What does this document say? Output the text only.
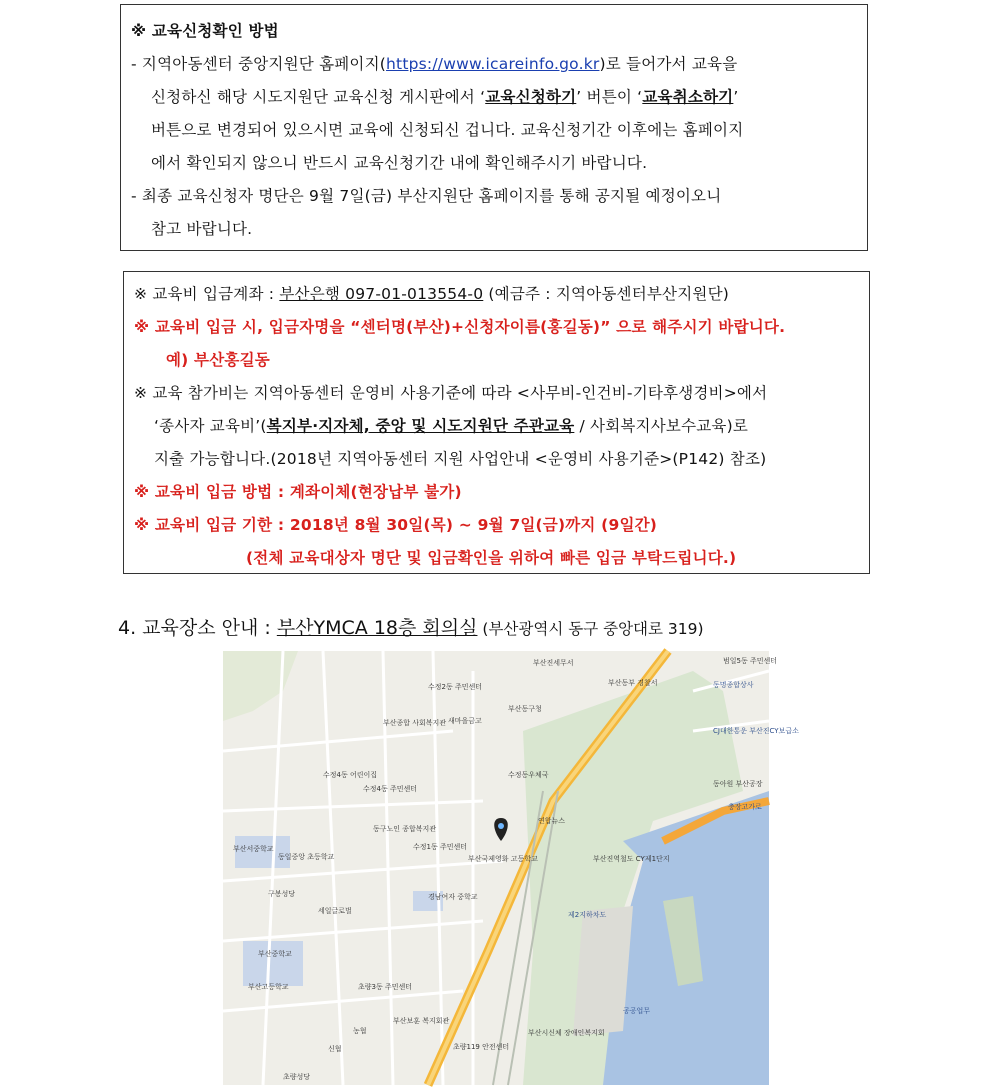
※ 교육신청확인 방법
- 지역아동센터 중앙지원단 홈페이지(https://www.icareinfo.go.kr)로 들어가서 교육을
신청하신 해당 시도지원단 교육신청 게시판에서 ‘교육신청하기’ 버튼이 ‘교육취소하기’
버튼으로 변경되어 있으시면 교육에 신청되신 겁니다. 교육신청기간 이후에는 홈페이지
에서 확인되지 않으니 반드시 교육신청기간 내에 확인해주시기 바랍니다.
- 최종 교육신청자 명단은 9월 7일(금) 부산지원단 홈페이지를 통해 공지될 예정이오니
참고 바랍니다.
※ 교육비 입금계좌 : 부산은행 097-01-013554-0 (예금주 : 지역아동센터부산지원단)
※ 교육비 입금 시, 입금자명을 “센터명(부산)+신청자이름(홍길동)” 으로 해주시기 바랍니다.
예) 부산홍길동
※ 교육 참가비는 지역아동센터 운영비 사용기준에 따라 <사무비-인건비-기타후생경비>에서
‘종사자 교육비’(복지부·지자체, 중앙 및 시도지원단 주관교육 / 사회복지사보수교육)로
지출 가능합니다.(2018년 지역아동센터 지원 사업안내 <운영비 사용기준>(P142) 참조)
※ 교육비 입금 방법 : 계좌이체(현장납부 불가)
※ 교육비 입금 기한 : 2018년 8월 30일(목) ~ 9월 7일(금)까지 (9일간)
(전체 교육대상자 명단 및 입금확인을 위하여 빠른 입금 부탁드립니다.)
4. 교육장소 안내 : 부산YMCA 18층 회의실 (부산광역시 동구 중앙대로 319)
부산진세무서	범일5동 주민센터
수정2동 주민센터	부산동부 경찰서	동명종합상사
새마을금고
부산동구청
부산종합 사회복지관
CJ대한통운 부산진CY보급소
수정4동 어린이집	수정동우체국
수정4동 주민센터
동아원 부산공장
동구노인 종합복지관
연합뉴스
충장고가로
부산서중학교
동일중앙 초등학교
수정1동 주민센터
부산국제영화 고등학교	부산진역철도 CY제1단지
구봉성당	경남여자 중학교
세일글로벌	제2지하차도
부산중학교
부산고등학교	초량3동 주민센터
공공업무
부산보훈 복지회관
농협	부산시신체 장애인복지회
신협	초량119 안전센터
초량성당
